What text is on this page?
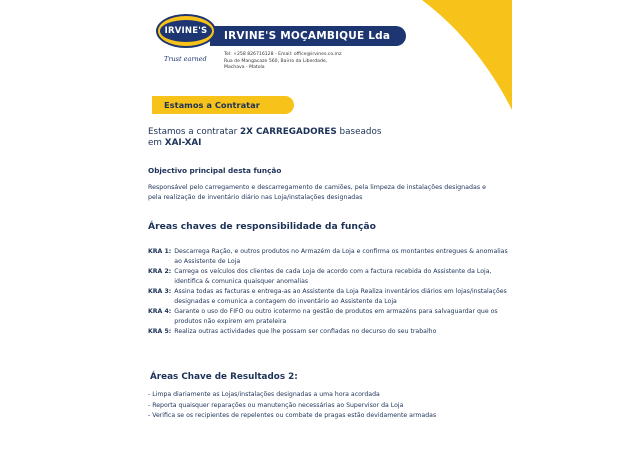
IRVINE'S MOÇAMBIQUE Lda
IRVINE'S
Trust earned
Tel: +258 826716128 - Email: office@irvines.co.mz
Rua de Mangacaze 560, Bairro da Liberdade,
Machava - Matola
Estamos a Contratar
Estamos a contratar 2X CARREGADORES baseados
em XAI-XAI
Objectivo principal desta função
Responsável pelo carregamento e descarregamento de camiões, pela limpeza de instalações designadas e pela realização de inventário diário nas Loja/instalações designadas
Áreas chaves de responsibilidade da função
KRA 1: Descarrega Ração, e outros produtos no Armazém da Loja e confirma os montantes entregues & anomalias ao Assistente de Loja
KRA 2: Carrega os veículos dos clientes de cada Loja de acordo com a factura recebida do Assistente da Loja, identifica & comunica quaisquer anomalias
KRA 3: Assina todas as facturas e entrega-as ao Assistente da Loja Realiza inventários diários em lojas/instalações designadas e comunica a contagem do inventário ao Assistente da Loja
KRA 4: Garante o uso do FIFO ou outro icotermo na gestão de produtos em armazéns para salvaguardar que os produtos não expirem em prateleira
KRA 5: Realiza outras actividades que lhe possam ser confiadas no decurso do seu trabalho
Áreas Chave de Resultados 2:
- Limpa diariamente as Lojas/instalações designadas a uma hora acordada
- Reporta quaisquer reparações ou manutenção necessárias ao Supervisor da Loja
- Verifica se os recipientes de repelentes ou combate de pragas estão devidamente armadas
